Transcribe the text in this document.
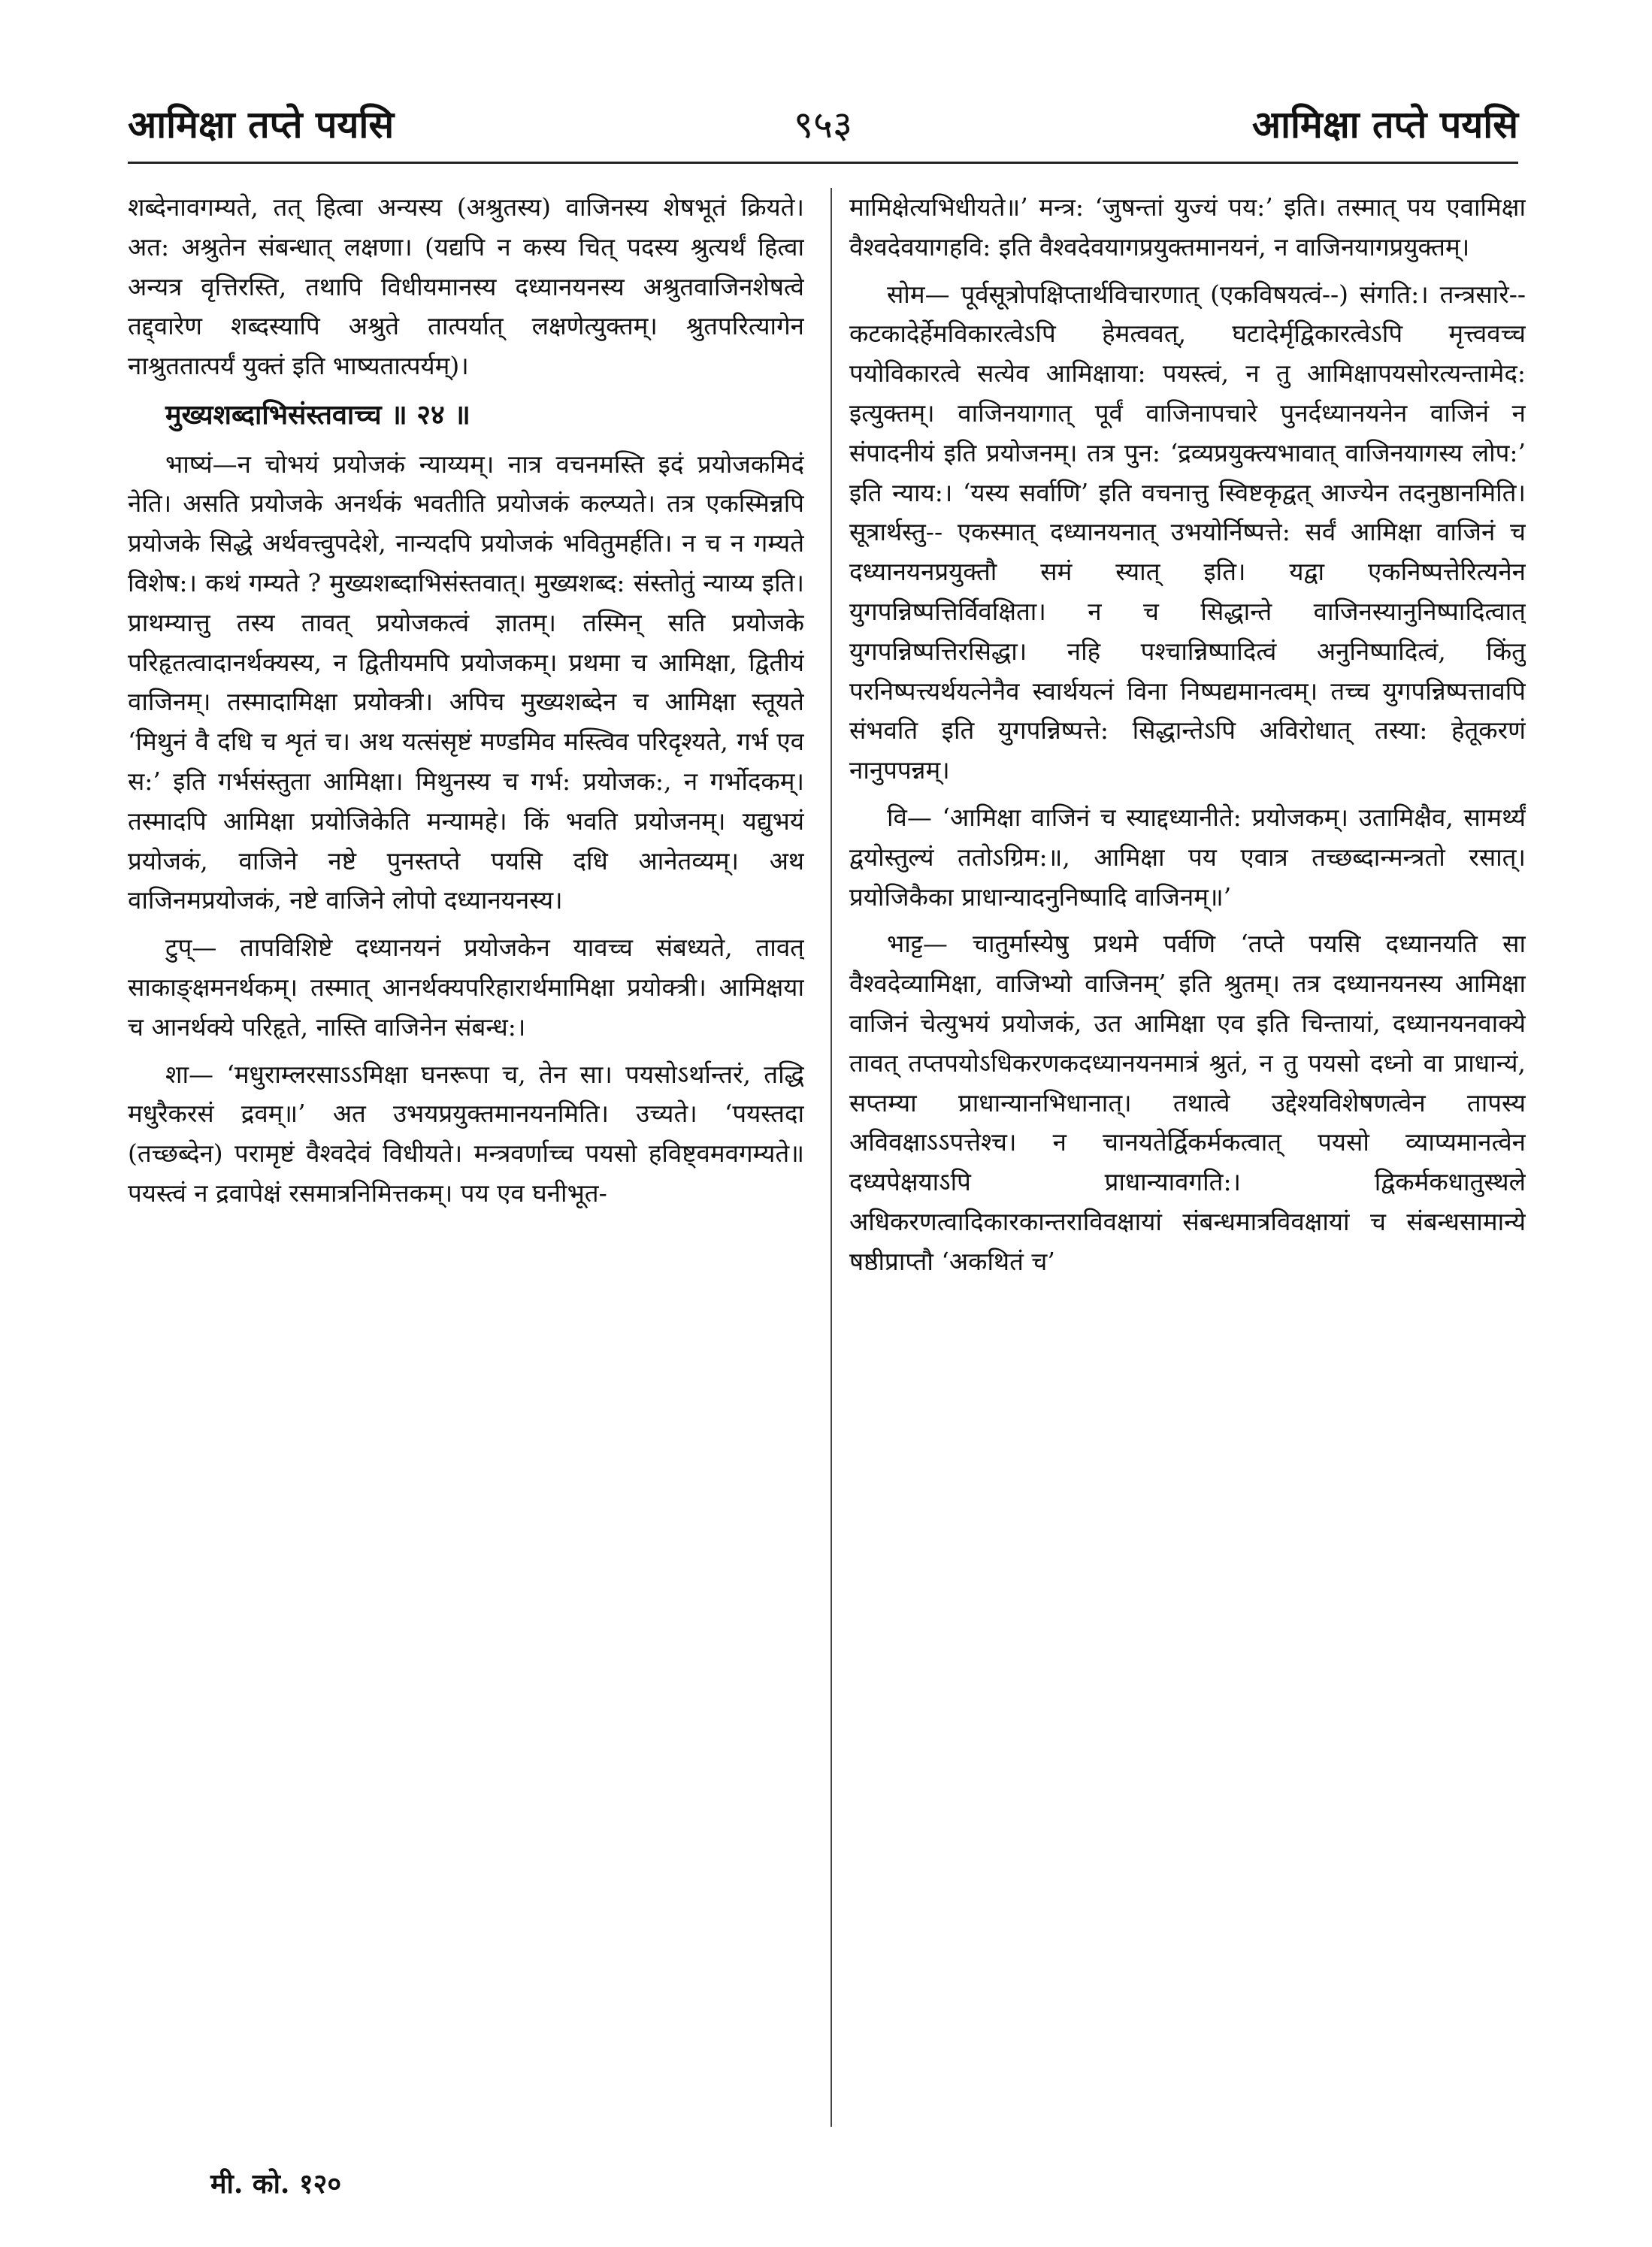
आमिक्षा तप्ते पयसि	९५३	आमिक्षा तप्ते पयसि

शब्देनावगम्यते, तत् हित्वा अन्यस्य (अश्रुतस्य) वाजिनस्य शेषभूतं क्रियते। अत: अश्रुतेन संबन्धात् लक्षणा। (यद्यपि न कस्य चित् पदस्य श्रुत्यर्थं हित्वा अन्यत्र वृत्तिरस्ति, तथापि विधीयमानस्य दध्यानयनस्य अश्रुतवाजिनशेषत्वे तद्द्वारेण शब्दस्यापि अश्रुते तात्पर्यात् लक्षणेत्युक्तम्। श्रुतपरित्यागेन नाश्रुततात्पर्यं युक्तं इति भाष्यतात्पर्यम्)।

मुख्यशब्दाभिसंस्तवाच्च ॥ २४ ॥

भाष्यं—न चोभयं प्रयोजकं न्याय्यम्। नात्र वचनमस्ति इदं प्रयोजकमिदं नेति। असति प्रयोजके अनर्थकं भवतीति प्रयोजकं कल्प्यते। तत्र एकस्मिन्नपि प्रयोजके सिद्धे अर्थवत्त्वुपदेशे, नान्यदपि प्रयोजकं भवितुमर्हति। न च न गम्यते विशेष:। कथं गम्यते ? मुख्यशब्दाभिसंस्तवात्। मुख्यशब्द: संस्तोतुं न्याय्य इति। प्राथम्यात्तु तस्य तावत् प्रयोजकत्वं ज्ञातम्। तस्मिन् सति प्रयोजके परिहृतत्वादानर्थक्यस्य, न द्वितीयमपि प्रयोजकम्। प्रथमा च आमिक्षा, द्वितीयं वाजिनम्। तस्मादामिक्षा प्रयोक्त्री। अपिच मुख्यशब्देन च आमिक्षा स्तूयते ‘मिथुनं वै दधि च शृतं च। अथ यत्संसृष्टं मण्डमिव मस्त्विव परिदृश्यते, गर्भ एव स:’ इति गर्भसंस्तुता आमिक्षा। मिथुनस्य च गर्भ: प्रयोजक:, न गर्भोदकम्। तस्मादपि आमिक्षा प्रयोजिकेति मन्यामहे। किं भवति प्रयोजनम्। यद्युभयं प्रयोजकं, वाजिने नष्टे पुनस्तप्ते पयसि दधि आनेतव्यम्। अथ वाजिनमप्रयोजकं, नष्टे वाजिने लोपो दध्यानयनस्य।

टुप्— तापविशिष्टे दध्यानयनं प्रयोजकेन यावच्च संबध्यते, तावत् साकाङ्क्षमनर्थकम्। तस्मात् आनर्थक्यपरिहारार्थमामिक्षा प्रयोक्त्री। आमिक्षया च आनर्थक्ये परिहृते, नास्ति वाजिनेन संबन्ध:।

शा— ‘मधुराम्लरसाऽऽमिक्षा घनरूपा च, तेन सा। पयसोऽर्थान्तरं, तद्धि मधुरैकरसं द्रवम्॥’ अत उभयप्रयुक्तमानयनमिति। उच्यते। ‘पयस्तदा (तच्छब्देन) परामृष्टं वैश्वदेवं विधीयते। मन्त्रवर्णाच्च पयसो हविष्ट्वमवगम्यते॥ पयस्त्वं न द्रवापेक्षं रसमात्रनिमित्तकम्। पय एव घनीभूत-

मामिक्षेत्यभिधीयते॥’ मन्त्र: ‘जुषन्तां युज्यं पय:’ इति। तस्मात् पय एवामिक्षा वैश्वदेवयागहवि: इति वैश्वदेवयागप्रयुक्तमानयनं, न वाजिनयागप्रयुक्तम्।

सोम— पूर्वसूत्रोपक्षिप्तार्थविचारणात् (एकविषयत्वं--) संगति:। तन्त्रसारे-- कटकादेर्हेमविकारत्वेऽपि हेमत्ववत्, घटादेर्मृद्विकारत्वेऽपि मृत्त्ववच्च पयोविकारत्वे सत्येव आमिक्षाया: पयस्त्वं, न तु आमिक्षापयसोरत्यन्तामेद: इत्युक्तम्। वाजिनयागात् पूर्वं वाजिनापचारे पुनर्दध्यानयनेन वाजिनं न संपादनीयं इति प्रयोजनम्। तत्र पुन: ‘द्रव्यप्रयुक्त्यभावात् वाजिनयागस्य लोप:’ इति न्याय:। ‘यस्य सर्वाणि’ इति वचनात्तु स्विष्टकृद्वत् आज्येन तदनुष्ठानमिति। सूत्रार्थस्तु-- एकस्मात् दध्यानयनात् उभयोर्निष्पत्ते: सर्वं आमिक्षा वाजिनं च दध्यानयनप्रयुक्तौ समं स्यात् इति। यद्वा एकनिष्पत्तेरित्यनेन युगपन्निष्पत्तिर्विवक्षिता। न च सिद्धान्ते वाजिनस्यानुनिष्पादित्वात् युगपन्निष्पत्तिरसिद्धा। नहि पश्चान्निष्पादित्वं अनुनिष्पादित्वं, किंतु परनिष्पत्त्यर्थयत्नेनैव स्वार्थयत्नं विना निष्पद्यमानत्वम्। तच्च युगपन्निष्पत्तावपि संभवति इति युगपन्निष्पत्ते: सिद्धान्तेऽपि अविरोधात् तस्या: हेतूकरणं नानुपपन्नम्।

वि— ‘आमिक्षा वाजिनं च स्याद्दध्यानीते: प्रयोजकम्। उतामिक्षैव, सामर्थ्यं द्वयोस्तुल्यं ततोऽग्रिम:॥, आमिक्षा पय एवात्र तच्छब्दान्मन्त्रतो रसात्। प्रयोजिकैका प्राधान्यादनुनिष्पादि वाजिनम्॥’

भाट्ट— चातुर्मास्येषु प्रथमे पर्वणि ‘तप्ते पयसि दध्यानयति सा वैश्वदेव्यामिक्षा, वाजिभ्यो वाजिनम्’ इति श्रुतम्। तत्र दध्यानयनस्य आमिक्षा वाजिनं चेत्युभयं प्रयोजकं, उत आमिक्षा एव इति चिन्तायां, दध्यानयनवाक्ये तावत् तप्तपयोऽधिकरणकदध्यानयनमात्रं श्रुतं, न तु पयसो दध्नो वा प्राधान्यं, सप्तम्या प्राधान्यानभिधानात्। तथात्वे उद्देश्यविशेषणत्वेन तापस्य अविवक्षाऽऽपत्तेश्च। न चानयतेर्द्विकर्मकत्वात् पयसो व्याप्यमानत्वेन दध्यपेक्षयाऽपि प्राधान्यावगति:। द्विकर्मकधातुस्थले अधिकरणत्वादिकारकान्तराविवक्षायां संबन्धमात्रविवक्षायां च संबन्धसामान्ये षष्ठीप्राप्तौ ‘अकथितं च’

मी. को. १२०
